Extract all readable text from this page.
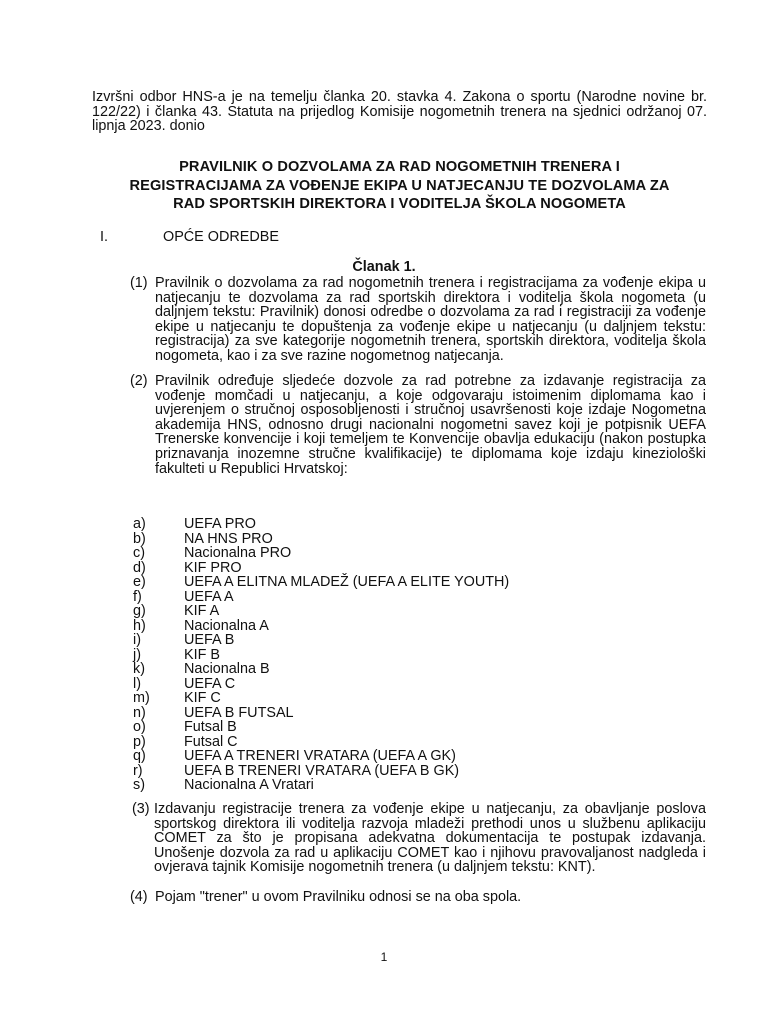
Izvršni odbor HNS-a je na temelju članka 20. stavka 4. Zakona o sportu (Narodne novine br. 122/22) i članka 43. Statuta na prijedlog Komisije nogometnih trenera na sjednici održanoj 07. lipnja 2023. donio
PRAVILNIK O DOZVOLAMA ZA RAD NOGOMETNIH TRENERA I
REGISTRACIJAMA ZA VOĐENJE EKIPA U NATJECANJU TE DOZVOLAMA ZA
RAD SPORTSKIH DIREKTORA I VODITELJA ŠKOLA NOGOMETA
I.	OPĆE ODREDBE
Članak 1.
(1) Pravilnik o dozvolama za rad nogometnih trenera i registracijama za vođenje ekipa u natjecanju te dozvolama za rad sportskih direktora i voditelja škola nogometa (u daljnjem tekstu: Pravilnik) donosi odredbe o dozvolama za rad i registraciji za vođenje ekipe u natjecanju te dopuštenja za vođenje ekipe u natjecanju (u daljnjem tekstu: registracija) za sve kategorije nogometnih trenera, sportskih direktora, voditelja škola nogometa, kao i za sve razine nogometnog natjecanja.
(2) Pravilnik određuje sljedeće dozvole za rad potrebne za izdavanje registracija za vođenje momčadi u natjecanju, a koje odgovaraju istoimenim diplomama kao i uvjerenjem o stručnoj osposobljenosti i stručnoj usavršenosti koje izdaje Nogometna akademija HNS, odnosno drugi nacionalni nogometni savez koji je potpisnik UEFA Trenerske konvencije i koji temeljem te Konvencije obavlja edukaciju (nakon postupka priznavanja inozemne stručne kvalifikacije) te diplomama koje izdaju kineziološki fakulteti u Republici Hrvatskoj:
a)	UEFA PRO
b)	NA HNS PRO
c)	Nacionalna PRO
d)	KIF PRO
e)	UEFA A ELITNA MLADEŽ (UEFA A ELITE YOUTH)
f)	UEFA A
g)	KIF A
h)	Nacionalna A
i)	UEFA B
j)	KIF B
k)	Nacionalna B
l)	UEFA C
m) KIF C
n)	UEFA B FUTSAL
o)	Futsal B
p)	Futsal C
q)	UEFA A TRENERI VRATARA (UEFA A GK)
r)	UEFA B TRENERI VRATARA (UEFA B GK)
s)	Nacionalna A Vratari
(3) Izdavanju registracije trenera za vođenje ekipe u natjecanju, za obavljanje poslova sportskog direktora ili voditelja razvoja mladeži prethodi unos u službenu aplikaciju COMET za što je propisana adekvatna dokumentacija te postupak izdavanja. Unošenje dozvola za rad u aplikaciju COMET kao i njihovu pravovaljanost nadgleda i ovjerava tajnik Komisije nogometnih trenera (u daljnjem tekstu: KNT).
(4) Pojam "trener" u ovom Pravilniku odnosi se na oba spola.
1
